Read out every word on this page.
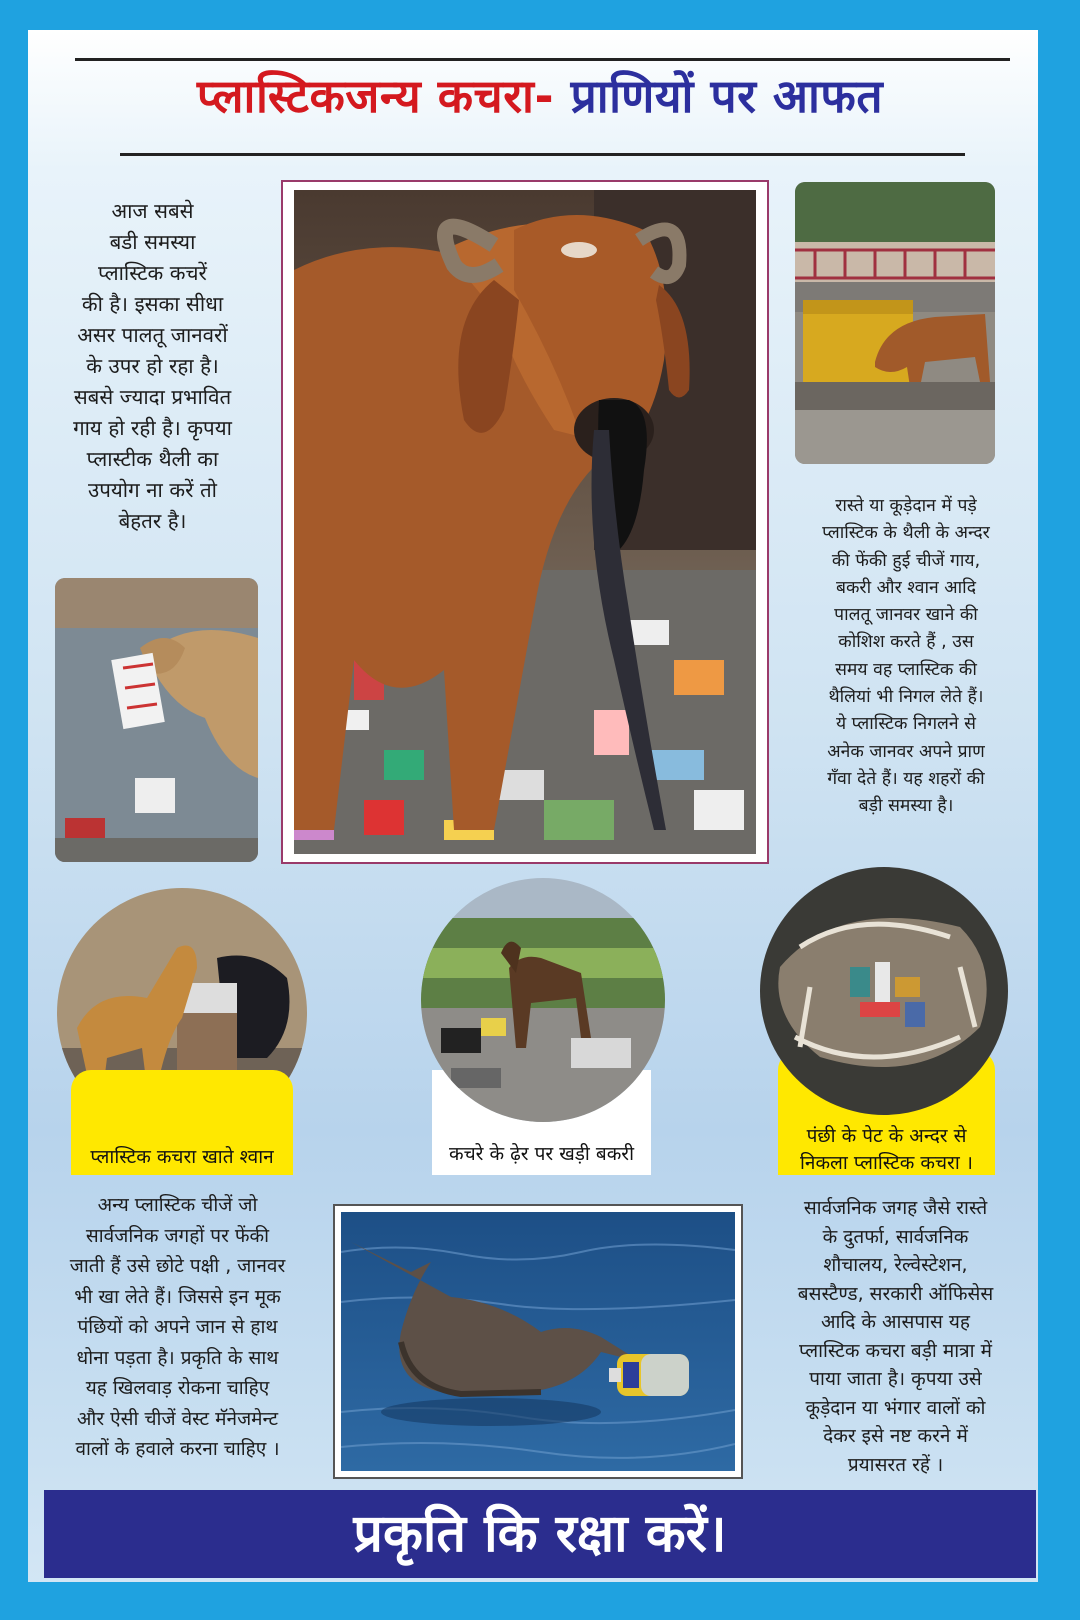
प्लास्टिकजन्य कचरा- प्राणियों पर आफत
आज सबसे
बडी समस्या
प्लास्टिक कचरें
की है। इसका सीधा
असर पालतू जानवरों
के उपर हो रहा है।
सबसे ज्यादा प्रभावित
गाय हो रही है। कृपया
प्लास्टीक थैली का
उपयोग ना करें तो
बेहतर है।
रास्ते या कूड़ेदान में पड़े
प्लास्टिक के थैली के अन्दर
की फेंकी हुई चीजें गाय,
बकरी और श्वान आदि
पालतू जानवर खाने की
कोशिश करते हैं , उस
समय वह प्लास्टिक की
थैलियां भी निगल लेते हैं।
ये प्लास्टिक निगलने से
अनेक जानवर अपने प्राण
गँवा देते हैं। यह शहरों की
बड़ी समस्या है।
प्लास्टिक कचरा खाते श्वान	कचरे के ढ़ेर पर खड़ी बकरी
पंछी के पेट के अन्दर से
निकला प्लास्टिक कचरा ।
अन्य प्लास्टिक चीजें जो
सार्वजनिक जगहों पर फेंकी
जाती हैं उसे छोटे पक्षी , जानवर
भी खा लेते हैं। जिससे इन मूक
पंछियों को अपने जान से हाथ
धोना पड़ता है। प्रकृति के साथ
यह खिलवाड़ रोकना चाहिए
और ऐसी चीजें वेस्ट मॅनेजमेन्ट
वालों के हवाले करना चाहिए ।
सार्वजनिक जगह जैसे रास्ते
के दुतर्फा, सार्वजनिक
शौचालय, रेल्वेस्टेशन,
बसस्टैण्ड, सरकारी ऑफिसेस
आदि के आसपास यह
प्लास्टिक कचरा बड़ी मात्रा में
पाया जाता है। कृपया उसे
कूड़ेदान या भंगार वालों को
देकर इसे नष्ट करने में
प्रयासरत रहें ।
प्रकृति कि रक्षा करें।
